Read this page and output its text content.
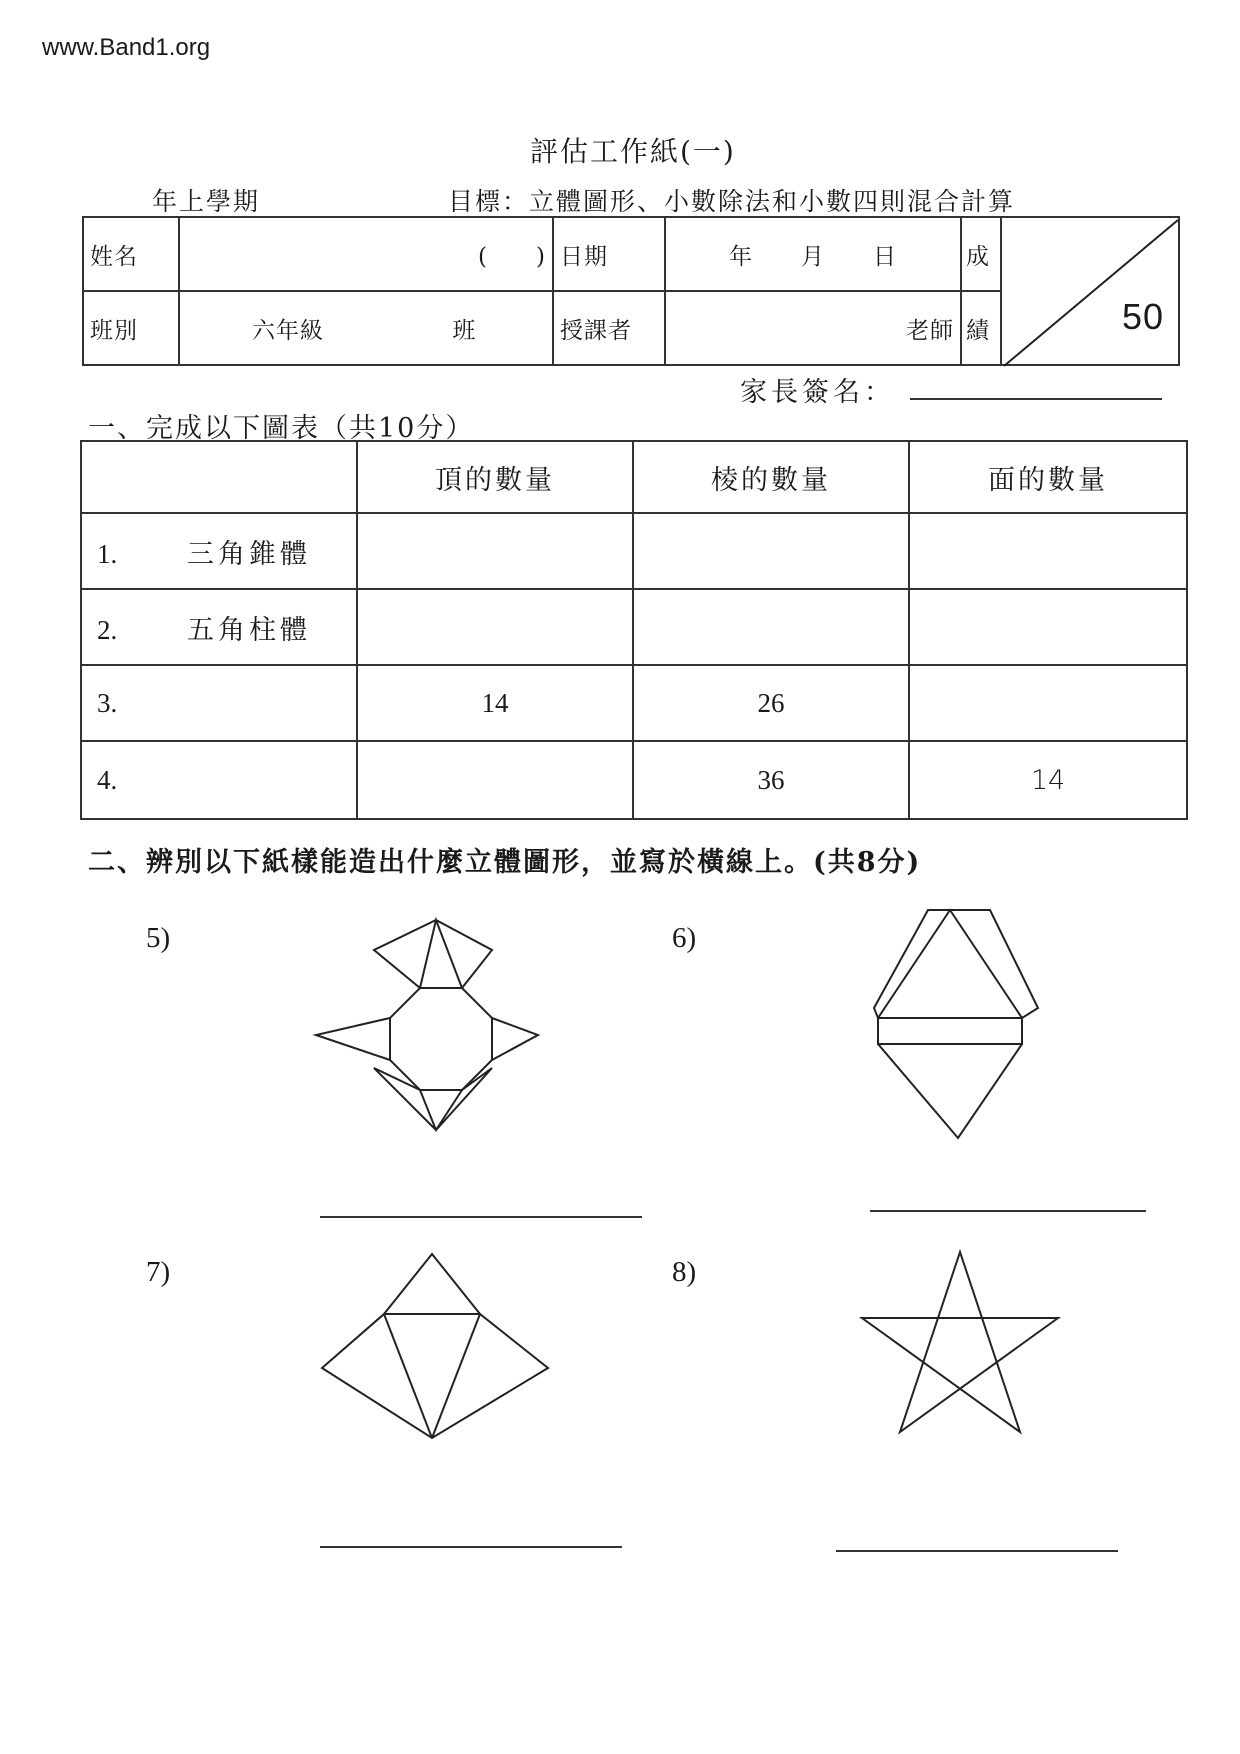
www.Band1.org
評估工作紙(一)
年上學期	目標：立體圖形、小數除法和小數四則混合計算
姓名	(　　)	日期	年　　月　　日	成	50

班別	六年級 班	授課者	老師	績	
家長簽名：
一、完成以下圖表（共10分）
	頂的數量	棱的數量	面的數量
1. 三角錐體			
2. 五角柱體			
3.	14	26	
4.		36	14
二、辨別以下紙樣能造出什麼立體圖形，並寫於橫線上。(共8分)
5)	6)
7)	8)
